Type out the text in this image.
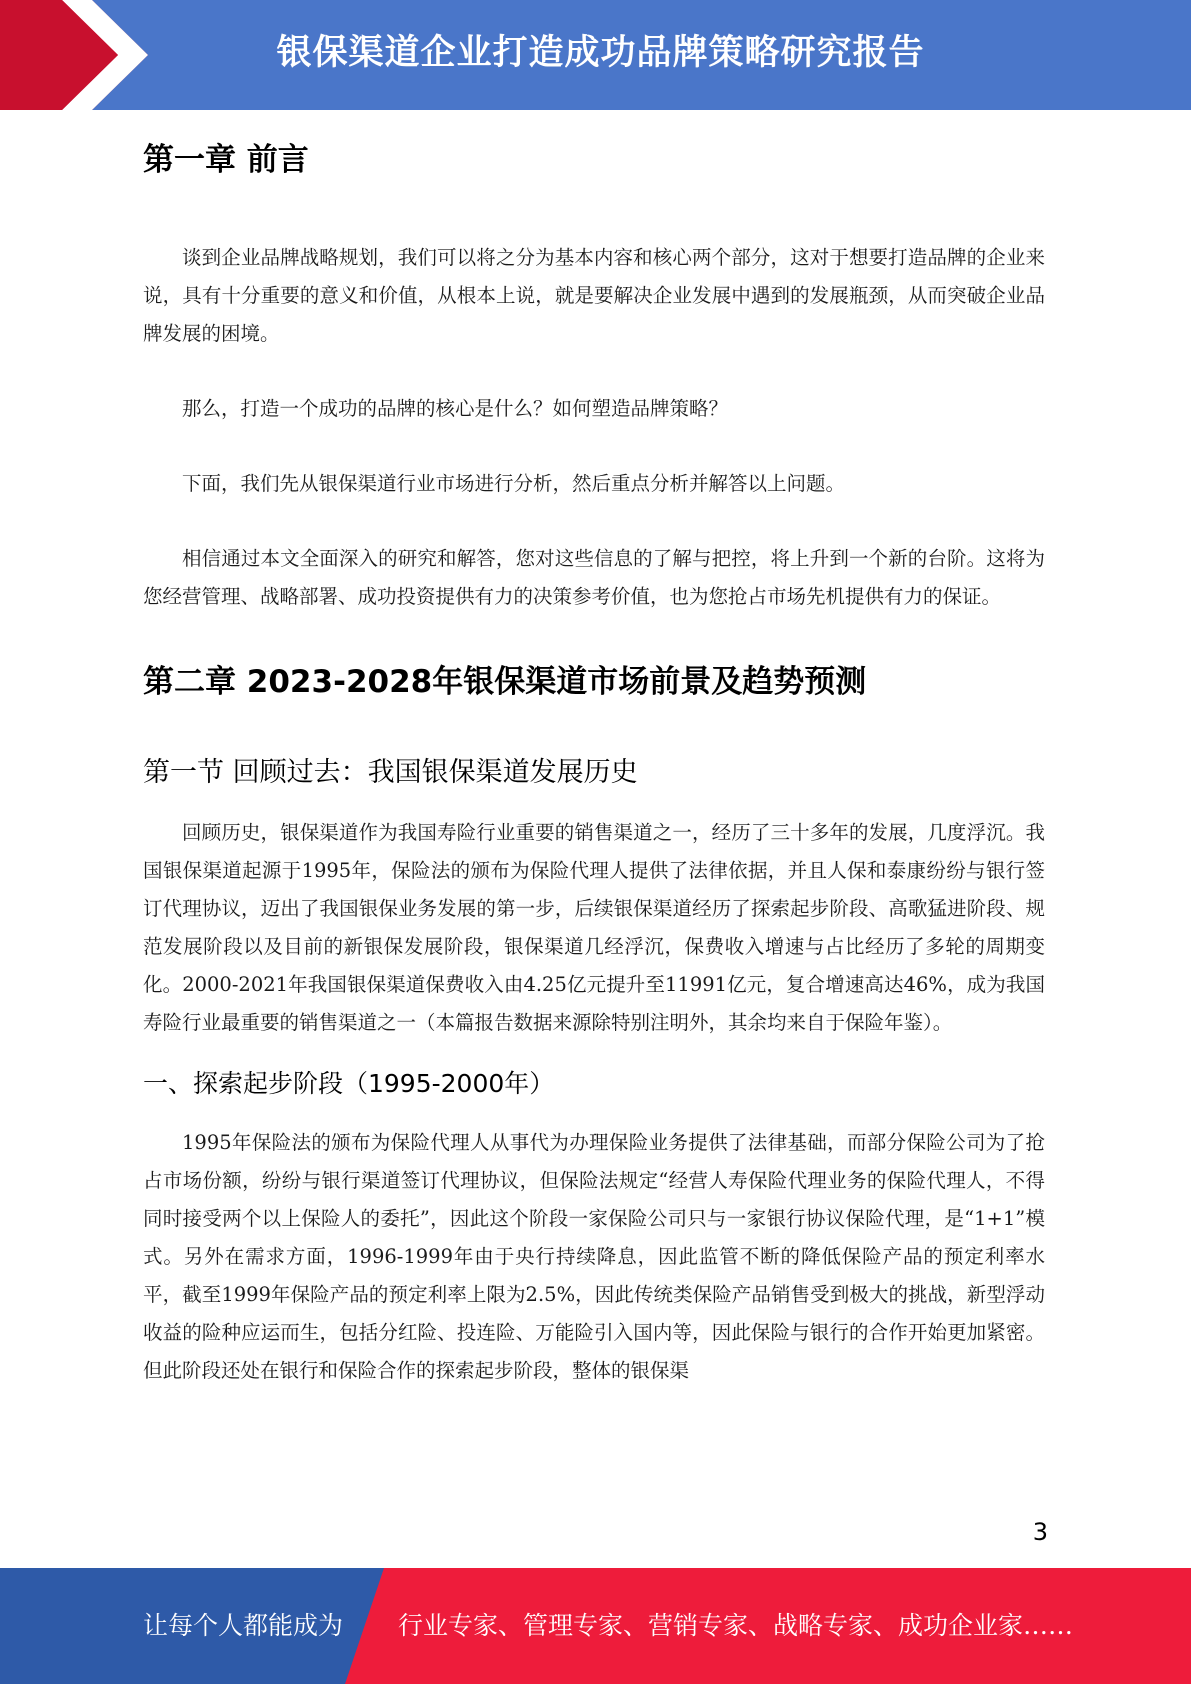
银保渠道企业打造成功品牌策略研究报告
第一章 前言

谈到企业品牌战略规划，我们可以将之分为基本内容和核心两个部分，这对于想要打造品牌的企业来说，具有十分重要的意义和价值，从根本上说，就是要解决企业发展中遇到的发展瓶颈，从而突破企业品牌发展的困境。

那么，打造一个成功的品牌的核心是什么？如何塑造品牌策略？

下面，我们先从银保渠道行业市场进行分析，然后重点分析并解答以上问题。

相信通过本文全面深入的研究和解答，您对这些信息的了解与把控，将上升到一个新的台阶。这将为您经营管理、战略部署、成功投资提供有力的决策参考价值，也为您抢占市场先机提供有力的保证。

第二章 2023-2028年银保渠道市场前景及趋势预测
第一节 回顾过去：我国银保渠道发展历史

回顾历史，银保渠道作为我国寿险行业重要的销售渠道之一，经历了三十多年的发展，几度浮沉。我国银保渠道起源于1995年，保险法的颁布为保险代理人提供了法律依据，并且人保和泰康纷纷与银行签订代理协议，迈出了我国银保业务发展的第一步，后续银保渠道经历了探索起步阶段、高歌猛进阶段、规范发展阶段以及目前的新银保发展阶段，银保渠道几经浮沉，保费收入增速与占比经历了多轮的周期变化。2000-2021年我国银保渠道保费收入由4.25亿元提升至11991亿元，复合增速高达46%，成为我国寿险行业最重要的销售渠道之一（本篇报告数据来源除特别注明外，其余均来自于保险年鉴）。

一、探索起步阶段（1995-2000年）

1995年保险法的颁布为保险代理人从事代为办理保险业务提供了法律基础，而部分保险公司为了抢占市场份额，纷纷与银行渠道签订代理协议，但保险法规定“经营人寿保险代理业务的保险代理人，不得同时接受两个以上保险人的委托”，因此这个阶段一家保险公司只与一家银行协议保险代理，是“1+1”模式。另外在需求方面，1996-1999年由于央行持续降息，因此监管不断的降低保险产品的预定利率水平，截至1999年保险产品的预定利率上限为2.5%，因此传统类保险产品销售受到极大的挑战，新型浮动收益的险种应运而生，包括分红险、投连险、万能险引入国内等，因此保险与银行的合作开始更加紧密。但此阶段还处在银行和保险合作的探索起步阶段，整体的银保渠

3
让每个人都能成为 行业专家、管理专家、营销专家、战略专家、成功企业家……
